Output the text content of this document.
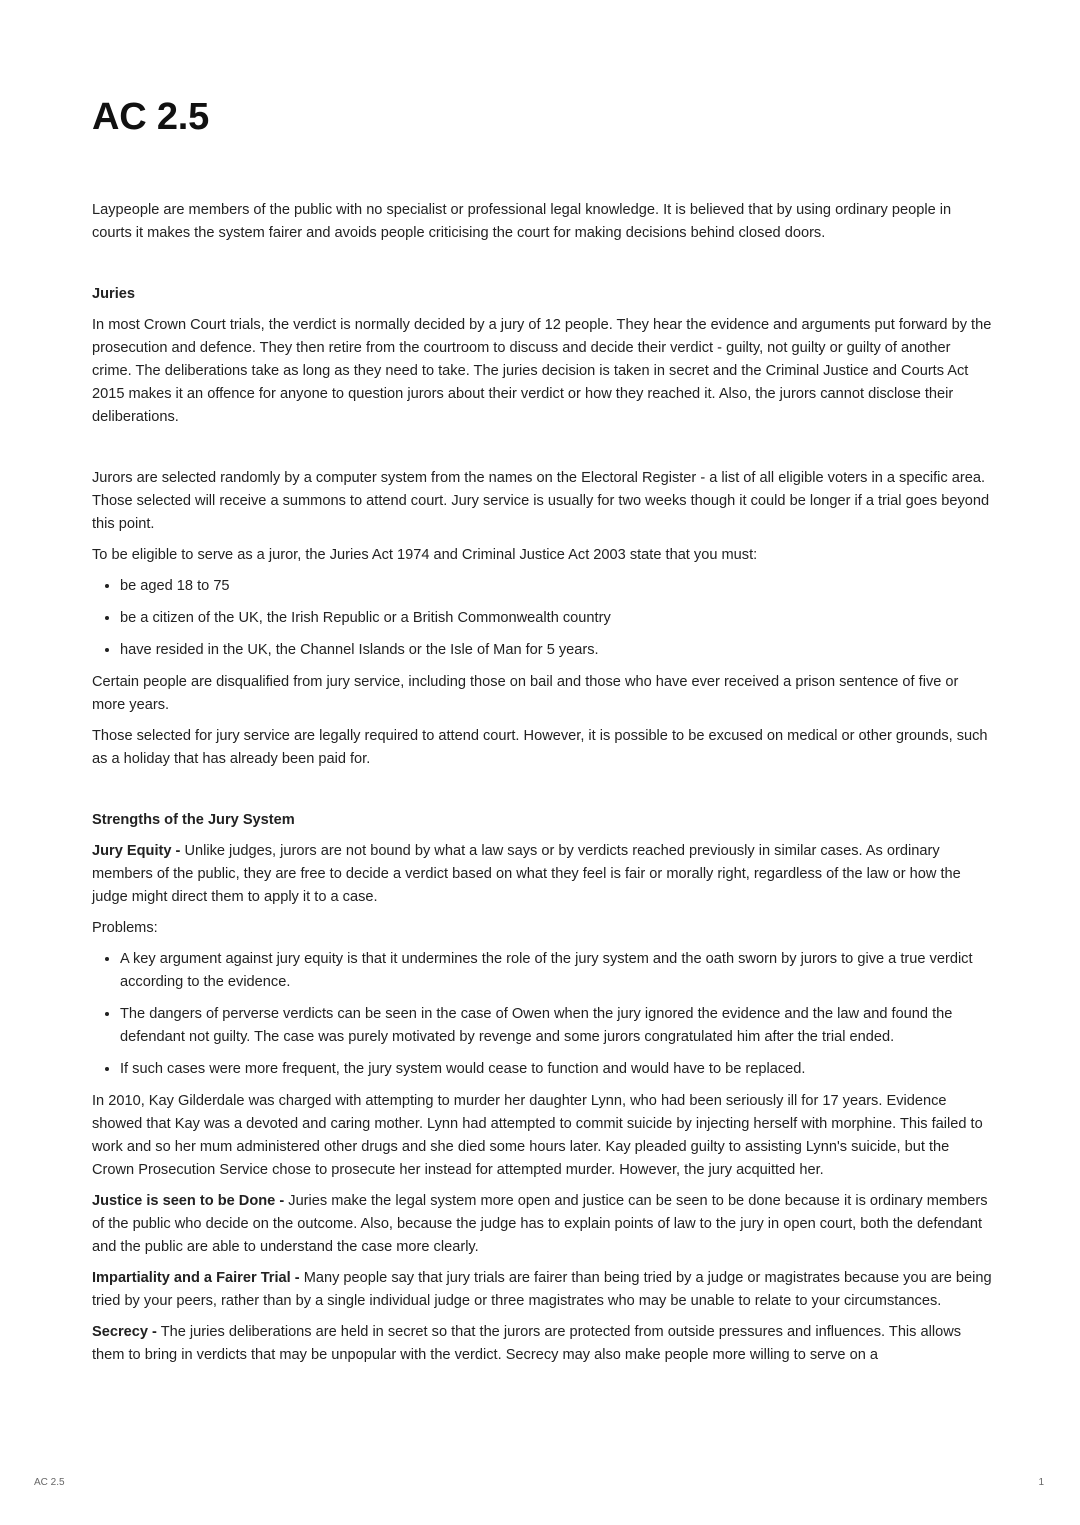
AC 2.5

Laypeople are members of the public with no specialist or professional legal knowledge. It is believed that by using ordinary people in courts it makes the system fairer and avoids people criticising the court for making decisions behind closed doors.

Juries

In most Crown Court trials, the verdict is normally decided by a jury of 12 people. They hear the evidence and arguments put forward by the prosecution and defence. They then retire from the courtroom to discuss and decide their verdict - guilty, not guilty or guilty of another crime. The deliberations take as long as they need to take. The juries decision is taken in secret and the Criminal Justice and Courts Act 2015 makes it an offence for anyone to question jurors about their verdict or how they reached it. Also, the jurors cannot disclose their deliberations.

Jurors are selected randomly by a computer system from the names on the Electoral Register - a list of all eligible voters in a specific area. Those selected will receive a summons to attend court. Jury service is usually for two weeks though it could be longer if a trial goes beyond this point.

To be eligible to serve as a juror, the Juries Act 1974 and Criminal Justice Act 2003 state that you must:

• be aged 18 to 75
• be a citizen of the UK, the Irish Republic or a British Commonwealth country
• have resided in the UK, the Channel Islands or the Isle of Man for 5 years.

Certain people are disqualified from jury service, including those on bail and those who have ever received a prison sentence of five or more years.

Those selected for jury service are legally required to attend court. However, it is possible to be excused on medical or other grounds, such as a holiday that has already been paid for.

Strengths of the Jury System

Jury Equity - Unlike judges, jurors are not bound by what a law says or by verdicts reached previously in similar cases. As ordinary members of the public, they are free to decide a verdict based on what they feel is fair or morally right, regardless of the law or how the judge might direct them to apply it to a case.

Problems:

• A key argument against jury equity is that it undermines the role of the jury system and the oath sworn by jurors to give a true verdict according to the evidence.
• The dangers of perverse verdicts can be seen in the case of Owen when the jury ignored the evidence and the law and found the defendant not guilty. The case was purely motivated by revenge and some jurors congratulated him after the trial ended.
• If such cases were more frequent, the jury system would cease to function and would have to be replaced.

In 2010, Kay Gilderdale was charged with attempting to murder her daughter Lynn, who had been seriously ill for 17 years. Evidence showed that Kay was a devoted and caring mother. Lynn had attempted to commit suicide by injecting herself with morphine. This failed to work and so her mum administered other drugs and she died some hours later. Kay pleaded guilty to assisting Lynn's suicide, but the Crown Prosecution Service chose to prosecute her instead for attempted murder. However, the jury acquitted her.

Justice is seen to be Done - Juries make the legal system more open and justice can be seen to be done because it is ordinary members of the public who decide on the outcome. Also, because the judge has to explain points of law to the jury in open court, both the defendant and the public are able to understand the case more clearly.

Impartiality and a Fairer Trial - Many people say that jury trials are fairer than being tried by a judge or magistrates because you are being tried by your peers, rather than by a single individual judge or three magistrates who may be unable to relate to your circumstances.

Secrecy - The juries deliberations are held in secret so that the jurors are protected from outside pressures and influences. This allows them to bring in verdicts that may be unpopular with the verdict. Secrecy may also make people more willing to serve on a

AC 2.5	1
